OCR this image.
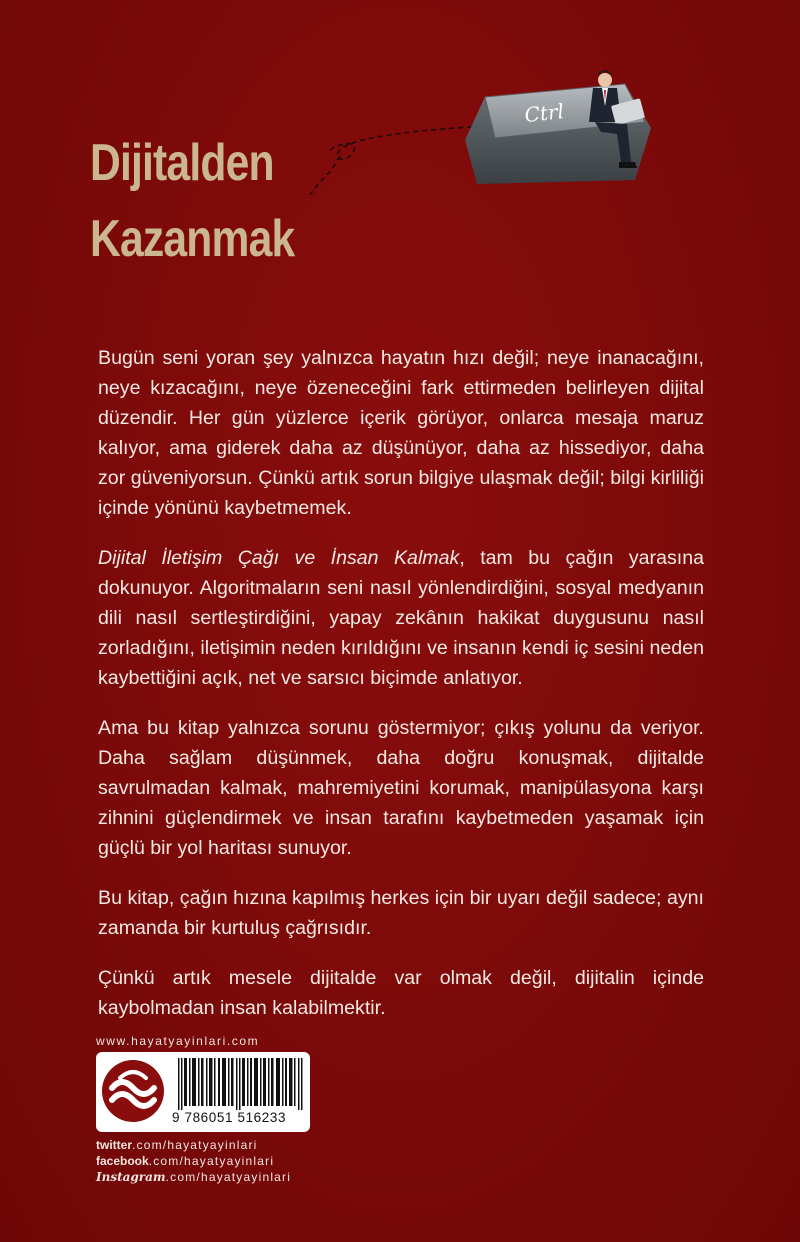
Dijitalden
Kazanmak
Ctrl

Bugün seni yoran şey yalnızca hayatın hızı değil; neye inanacağını, neye kızacağını, neye özeneceğini fark ettirmeden belirleyen dijital düzendir. Her gün yüzlerce içerik görüyor, onlarca mesaja maruz kalıyor, ama giderek daha az düşünüyor, daha az hissediyor, daha zor güveniyorsun. Çünkü artık sorun bilgiye ulaşmak değil; bilgi kirliliği içinde yönünü kaybetmemek.

Dijital İletişim Çağı ve İnsan Kalmak, tam bu çağın yarasına dokunuyor. Algoritmaların seni nasıl yönlendirdiğini, sosyal medyanın dili nasıl sertleştirdiğini, yapay zekânın hakikat duygusunu nasıl zorladığını, iletişimin neden kırıldığını ve insanın kendi iç sesini neden kaybettiğini açık, net ve sarsıcı biçimde anlatıyor.

Ama bu kitap yalnızca sorunu göstermiyor; çıkış yolunu da veriyor. Daha sağlam düşünmek, daha doğru konuşmak, dijitalde savrulmadan kalmak, mahremiyetini korumak, manipülasyona karşı zihnini güçlendirmek ve insan tarafını kaybetmeden yaşamak için güçlü bir yol haritası sunuyor.

Bu kitap, çağın hızına kapılmış herkes için bir uyarı değil sadece; aynı zamanda bir kurtuluş çağrısıdır.

Çünkü artık mesele dijitalde var olmak değil, dijitalin içinde kaybolmadan insan kalabilmektir.

www.hayatyayinlari.com
9 786051 516233
twitter.com/hayatyayinlari
facebook.com/hayatyayinlari
Instagram.com/hayatyayinlari
